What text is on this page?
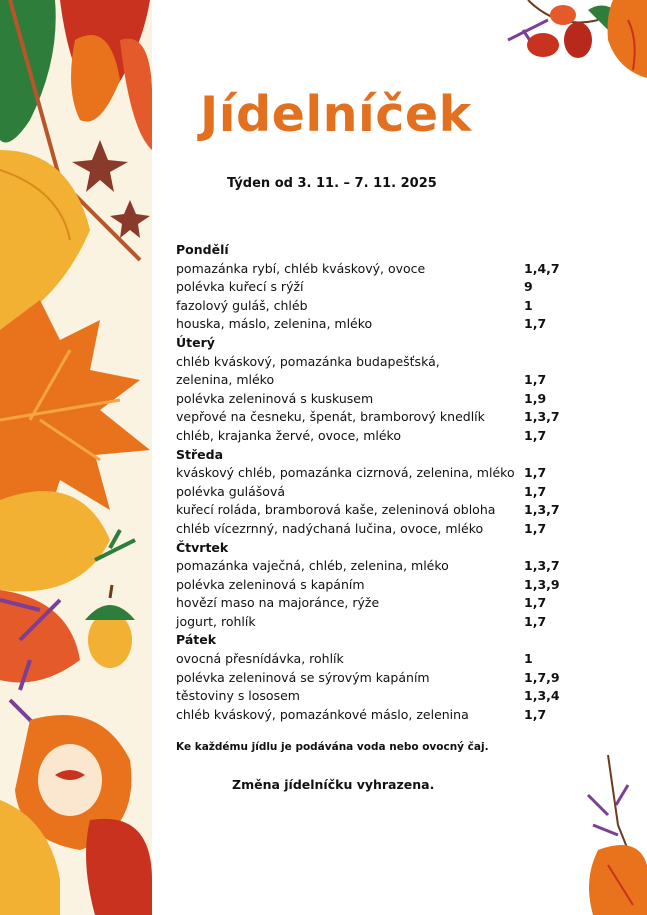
Jídelníček
Týden od 3. 11. – 7. 11. 2025
Pondělí
pomazánka rybí, chléb kváskový, ovoce	1,4,7
polévka kuřecí s rýží	9
fazolový guláš, chléb	1
houska, máslo, zelenina, mléko	1,7
Úterý
chléb kváskový, pomazánka budapešťská,
zelenina, mléko	1,7
polévka zeleninová s kuskusem	1,9
vepřové na česneku, špenát, bramborový knedlík	1,3,7
chléb, krajanka žervé, ovoce, mléko	1,7
Středa
kváskový chléb, pomazánka cizrnová, zelenina, mléko 1,7
polévka gulášová	1,7
kuřecí roláda, bramborová kaše, zeleninová obloha 1,3,7
chléb vícezrnný, nadýchaná lučina, ovoce, mléko	1,7
Čtvrtek
pomazánka vaječná, chléb, zelenina, mléko	1,3,7
polévka zeleninová s kapáním	1,3,9
hovězí maso na majoránce, rýže	1,7
jogurt, rohlík	1,7
Pátek
ovocná přesnídávka, rohlík	1
polévka zeleninová se sýrovým kapáním	1,7,9
těstoviny s lososem	1,3,4
chléb kváskový, pomazánkové máslo, zelenina	1,7
Ke každému jídlu je podávána voda nebo ovocný čaj.
Změna jídelníčku vyhrazena.
